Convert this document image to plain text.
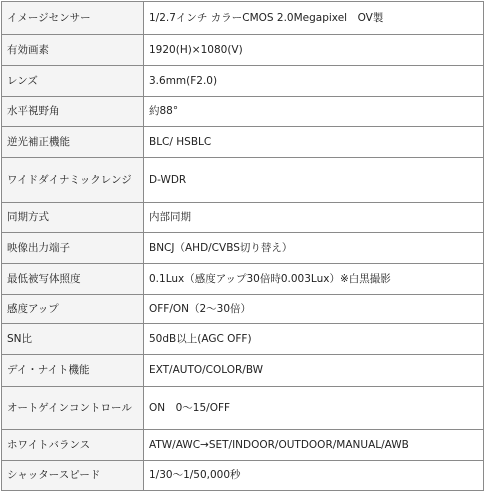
イメージセンサー	1/2.7インチ カラーCMOS 2.0Megapixel　OV製
有効画素	1920(H)×1080(V)
レンズ	3.6mm(F2.0)
水平視野角	約88°
逆光補正機能	BLC/ HSBLC
ワイドダイナミックレンジ	D-WDR
同期方式	内部同期
映像出力端子	BNCJ（AHD/CVBS切り替え）
最低被写体照度	0.1Lux（感度アップ30倍時0.003Lux）※白黒撮影
感度アップ	OFF/ON（2〜30倍）
SN比	50dB以上(AGC OFF)
デイ・ナイト機能	EXT/AUTO/COLOR/BW
オートゲインコントロール	ON　0〜15/OFF
ホワイトバランス	ATW/AWC→SET/INDOOR/OUTDOOR/MANUAL/AWB
シャッタースピード	1/30〜1/50,000秒
